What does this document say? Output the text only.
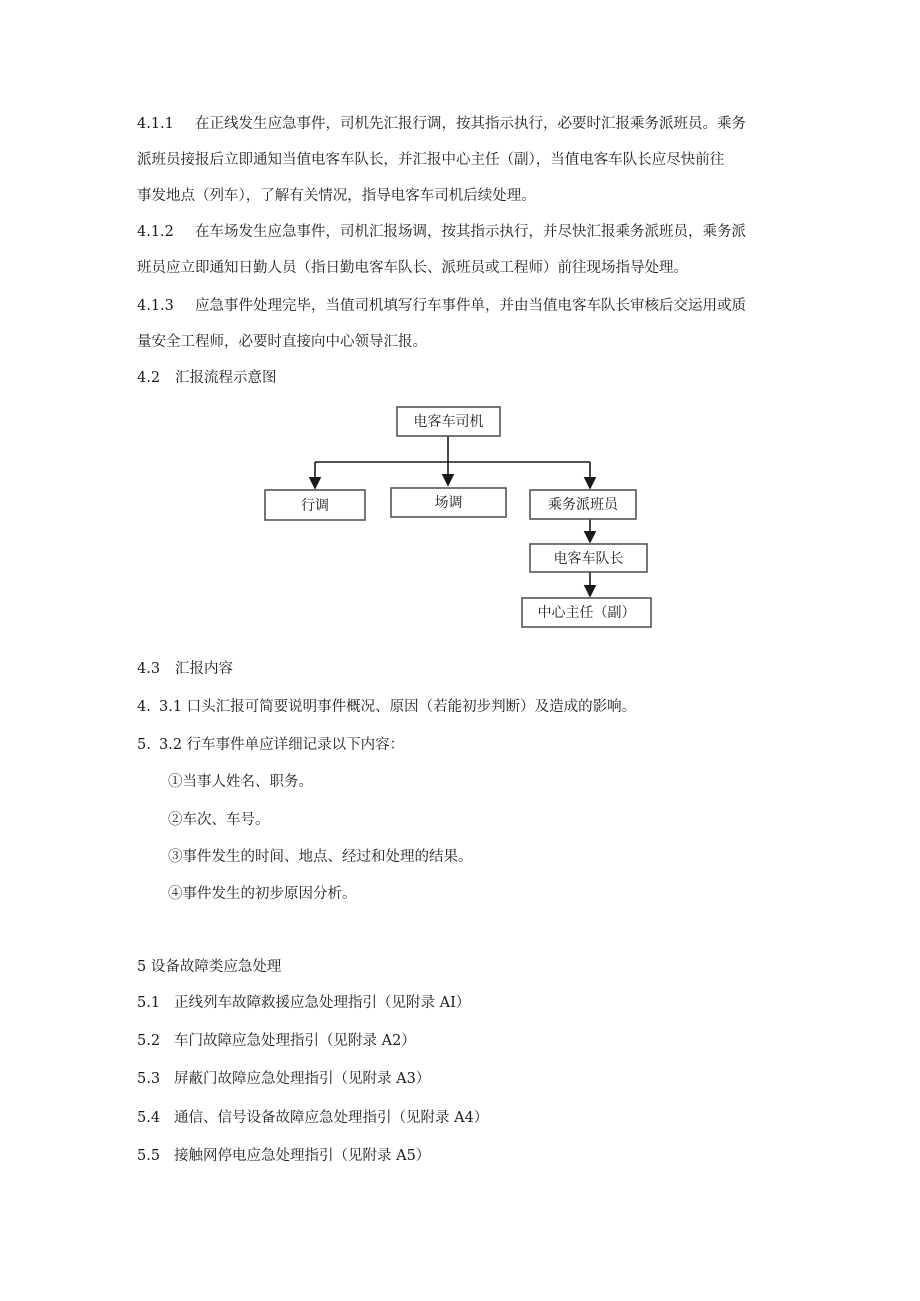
4.1.1 在正线发生应急事件，司机先汇报行调，按其指示执行，必要时汇报乘务派班员。乘务
派班员接报后立即通知当值电客车队长，并汇报中心主任（副），当值电客车队长应尽快前往
事发地点（列车），了解有关情况，指导电客车司机后续处理。
4.1.2 在车场发生应急事件，司机汇报场调，按其指示执行，并尽快汇报乘务派班员，乘务派
班员应立即通知日勤人员（指日勤电客车队长、派班员或工程师）前往现场指导处理。
4.1.3 应急事件处理完毕，当值司机填写行车事件单，并由当值电客车队长审核后交运用或质
量安全工程师，必要时直接向中心领导汇报。
4.2 汇报流程示意图
电客车司机
行调	场调	乘务派班员
电客车队长
中心主任（副）
4.3 汇报内容
4. 3.1 口头汇报可简要说明事件概况、原因（若能初步判断）及造成的影响。
5. 3.2 行车事件单应详细记录以下内容：
①当事人姓名、职务。
②车次、车号。
③事件发生的时间、地点、经过和处理的结果。
④事件发生的初步原因分析。
5 设备故障类应急处理
5.1 正线列车故障救援应急处理指引（见附录 AI）
5.2 车门故障应急处理指引（见附录 A2）
5.3 屏蔽门故障应急处理指引（见附录 A3）
5.4 通信、信号设备故障应急处理指引（见附录 A4）
5.5 接触网停电应急处理指引（见附录 A5）
